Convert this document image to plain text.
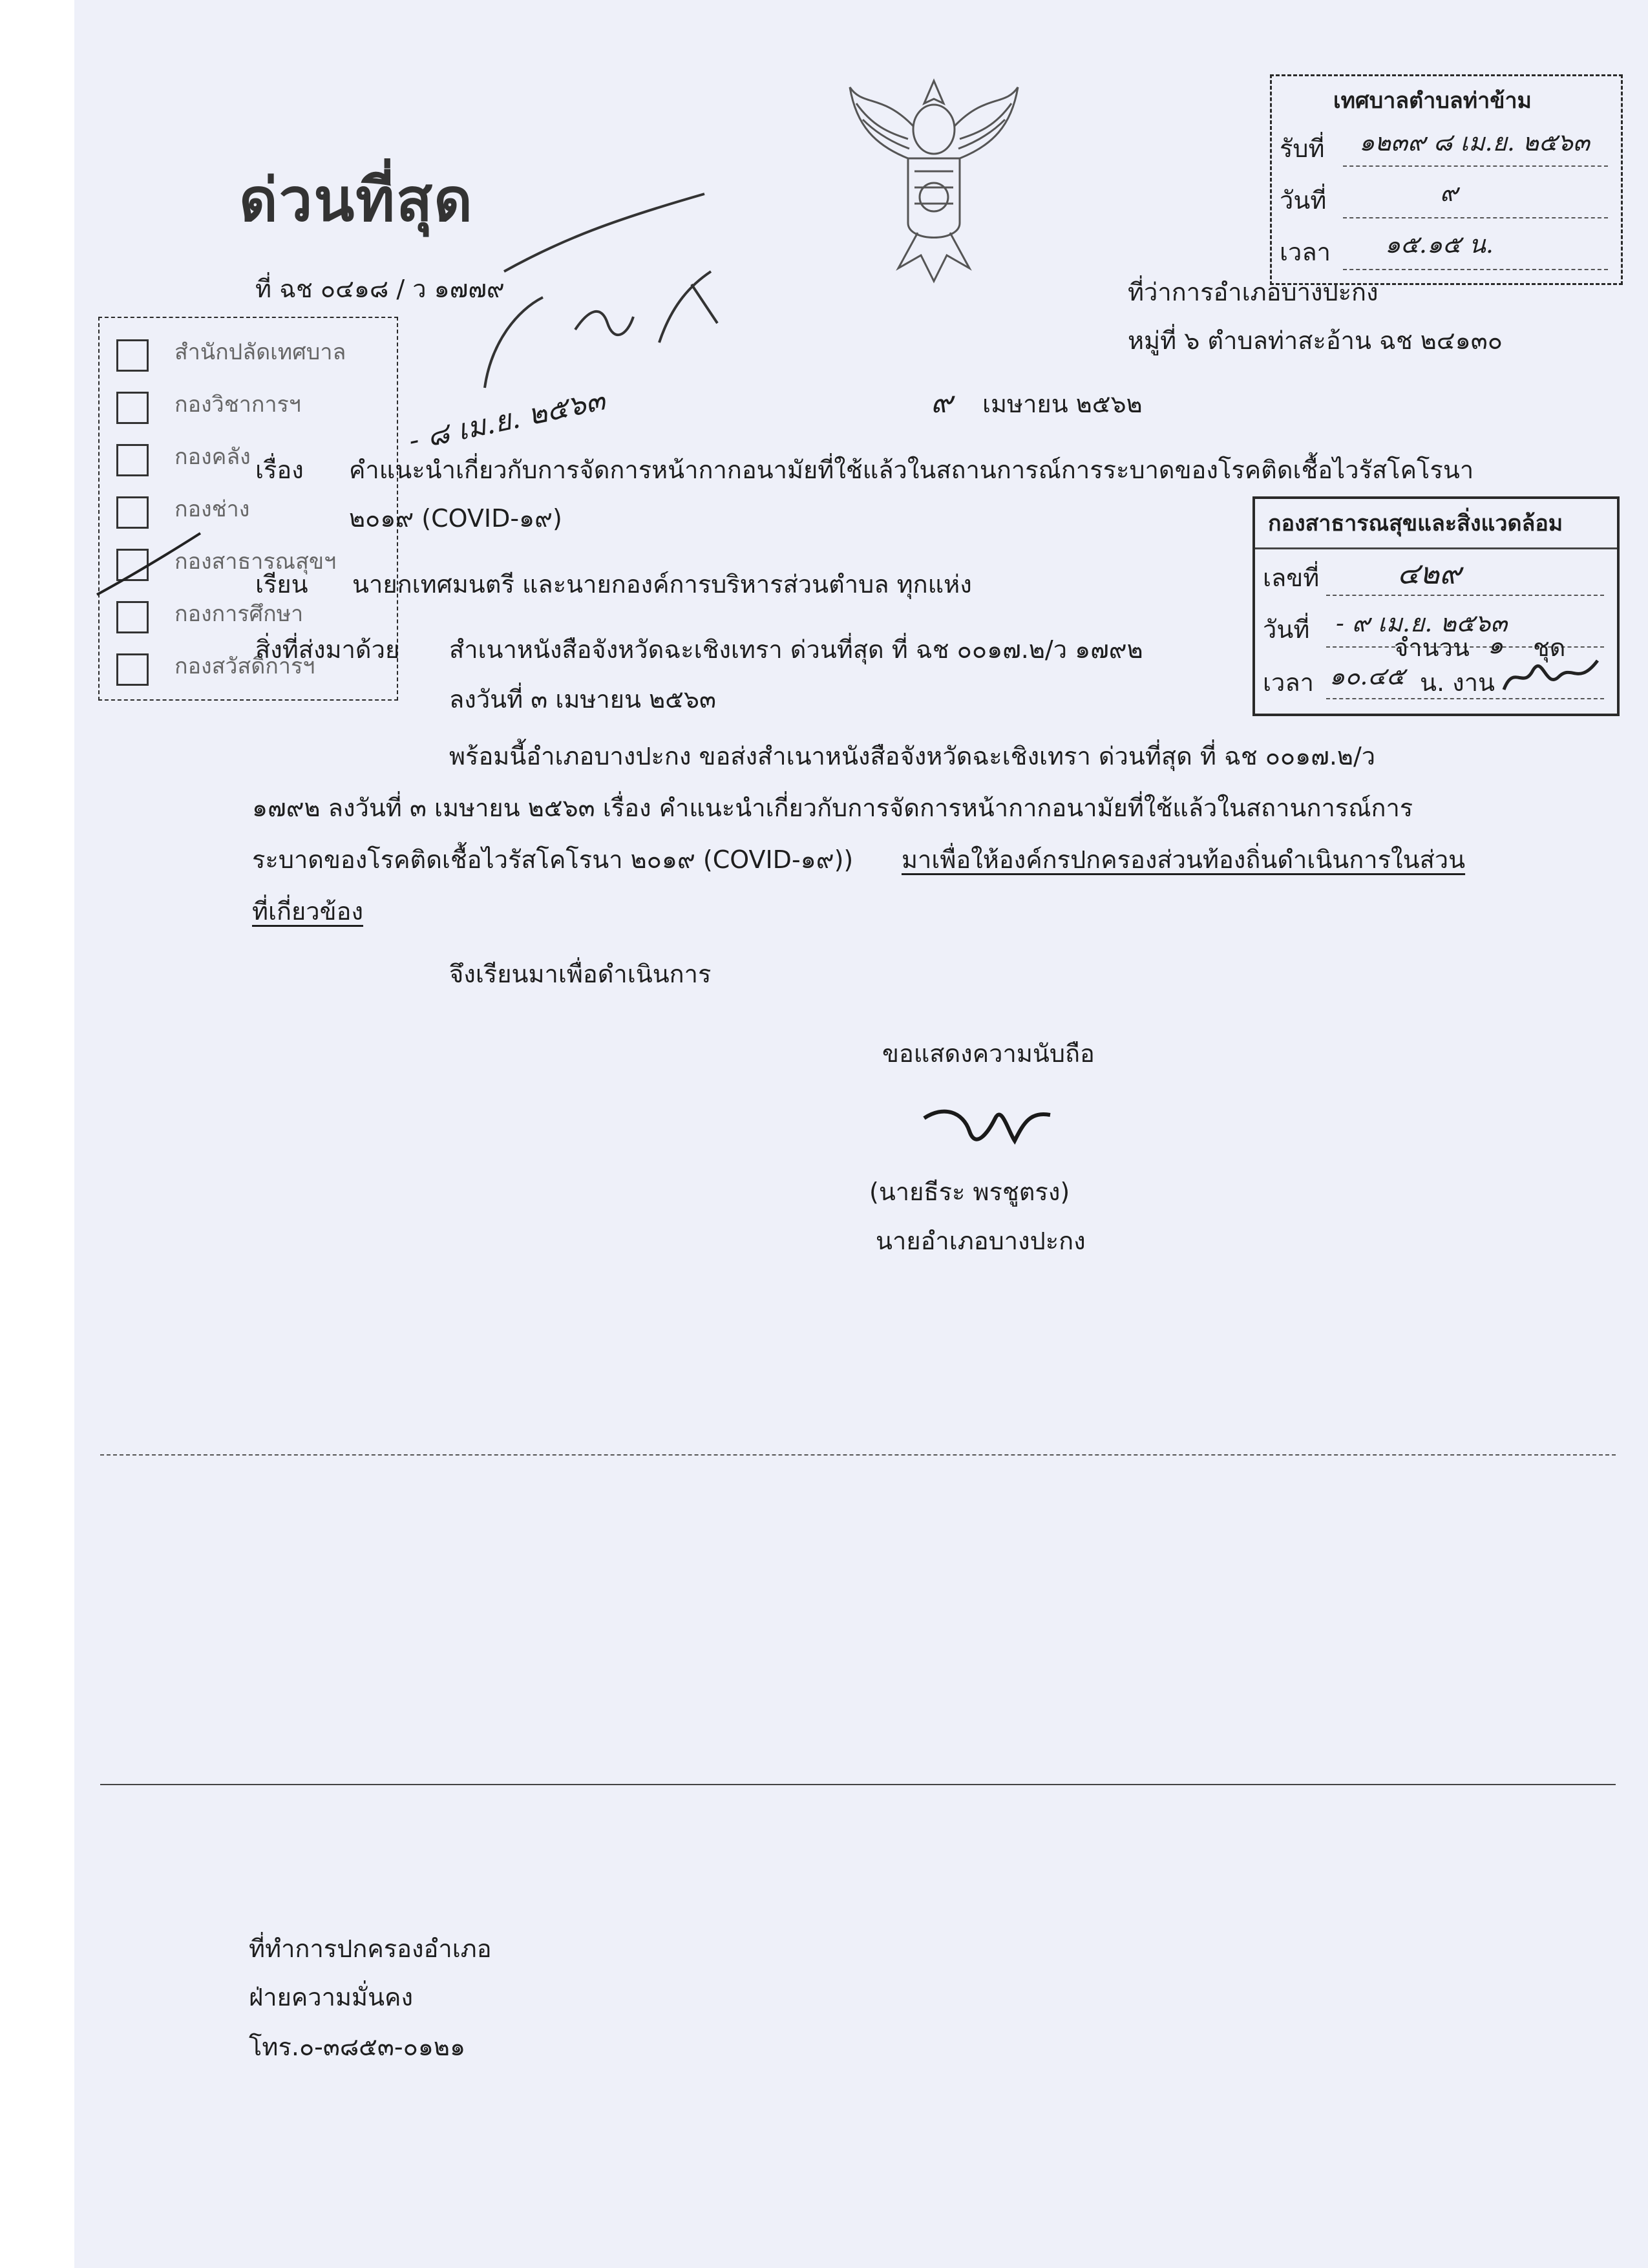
ด่วนที่สุด
ที่ ฉช ๐๔๑๘ / ว ๑๗๗๙	ที่ว่าการอำเภอบางปะกง
หมู่ที่ ๖ ตำบลท่าสะอ้าน ฉช ๒๔๑๓๐
เทศบาลตำบลท่าข้าม
รับที่ ๑๒๓๙ ๘ เม.ย. ๒๕๖๓
วันที่	๙
เวลา ๑๕.๑๕ น.
- ๘ เม.ย. ๒๕๖๓	๙ เมษายน ๒๕๖๒
สำนักปลัดเทศบาล
กองวิชาการฯ
กองคลัง
กองช่าง
กองสาธารณสุขฯ
กองการศึกษา
กองสวัสดิการฯ
เรื่อง คำแนะนำเกี่ยวกับการจัดการหน้ากากอนามัยที่ใช้แล้วในสถานการณ์การระบาดของโรคติดเชื้อไวรัสโคโรนา
๒๐๑๙ (COVID-๑๙)	กองสาธารณสุขและสิ่งแวดล้อม
เลขที่	๔๒๙
วันที่ - ๙ เม.ย. ๒๕๖๓
จำนวน ๑ ชุด
เวลา ๑๐.๔๕ น. งาน
เรียน นายกเทศมนตรี และนายกองค์การบริหารส่วนตำบล ทุกแห่ง
สิ่งที่ส่งมาด้วย สำเนาหนังสือจังหวัดฉะเชิงเทรา ด่วนที่สุด ที่ ฉช ๐๐๑๗.๒/ว ๑๗๙๒
ลงวันที่ ๓ เมษายน ๒๕๖๓
พร้อมนี้อำเภอบางปะกง ขอส่งสำเนาหนังสือจังหวัดฉะเชิงเทรา ด่วนที่สุด ที่ ฉช ๐๐๑๗.๒/ว
๑๗๙๒ ลงวันที่ ๓ เมษายน ๒๕๖๓ เรื่อง คำแนะนำเกี่ยวกับการจัดการหน้ากากอนามัยที่ใช้แล้วในสถานการณ์การ
ระบาดของโรคติดเชื้อไวรัสโคโรนา ๒๐๑๙ (COVID-๑๙)) มาเพื่อให้องค์กรปกครองส่วนท้องถิ่นดำเนินการในส่วน
ที่เกี่ยวข้อง
จึงเรียนมาเพื่อดำเนินการ
ขอแสดงความนับถือ
(นายธีระ พรชูตรง)
นายอำเภอบางปะกง
ที่ทำการปกครองอำเภอ
ฝ่ายความมั่นคง
โทร.๐-๓๘๕๓-๐๑๒๑
